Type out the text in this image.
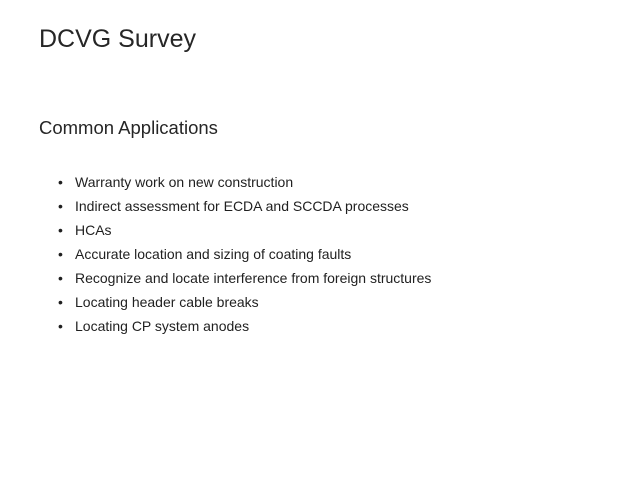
DCVG Survey
Common Applications
• Warranty work on new construction
• Indirect assessment for ECDA and SCCDA processes
• HCAs
• Accurate location and sizing of coating faults
• Recognize and locate interference from foreign structures
• Locating header cable breaks
• Locating CP system anodes
